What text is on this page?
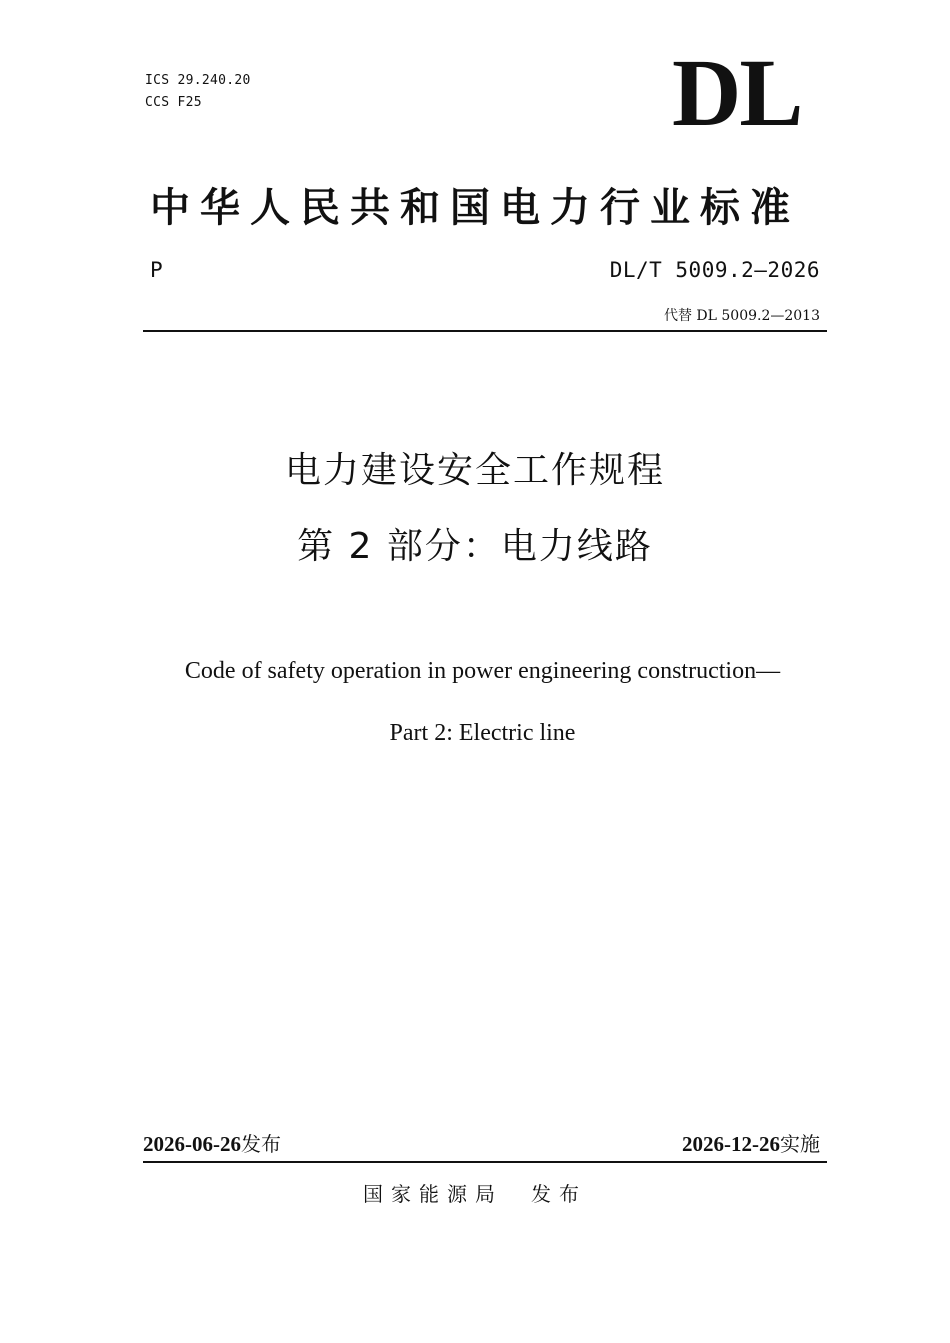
ICS 29.240.20
CCS F25	DL
中华人民共和国电力行业标准
P	DL/T 5009.2—2026
代替 DL 5009.2—2013
电力建设安全工作规程
第 2 部分：电力线路
Code of safety operation in power engineering construction—
Part 2: Electric line
2026-06-26发布	2026-12-26实施
国家能源局 发布
